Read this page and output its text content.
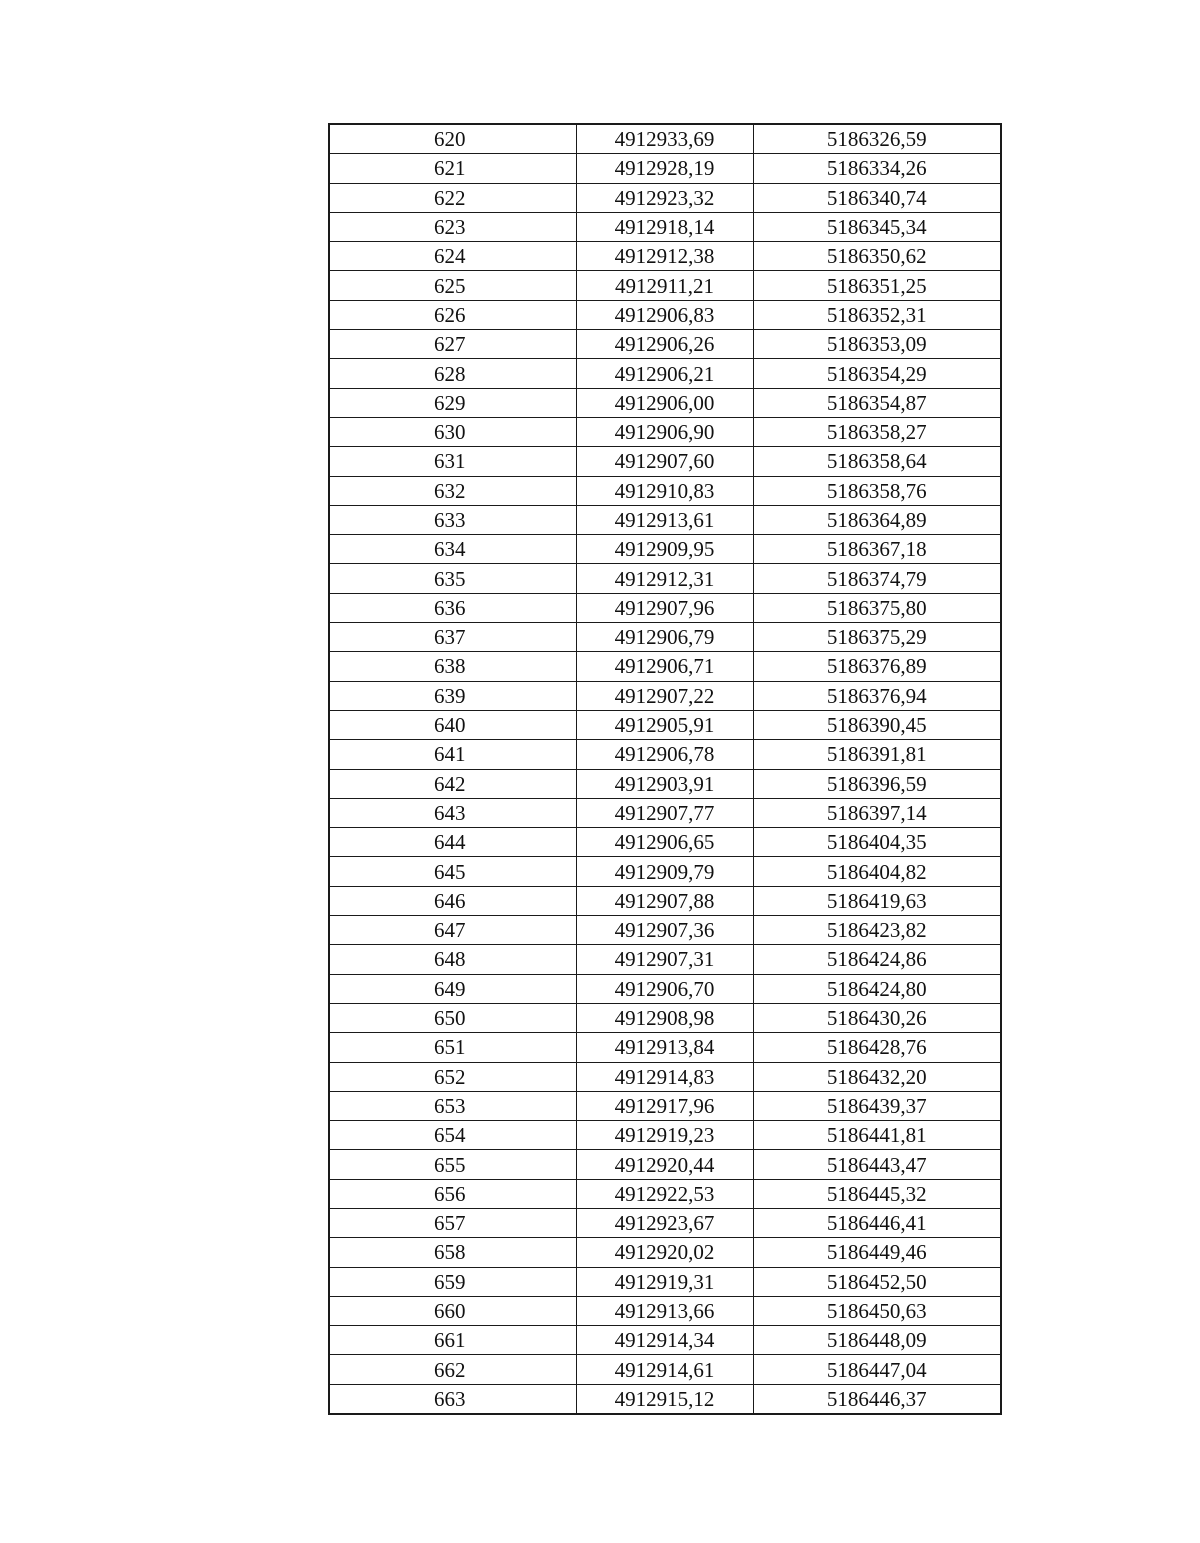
620	4912933,69	5186326,59
621	4912928,19	5186334,26
622	4912923,32	5186340,74
623	4912918,14	5186345,34
624	4912912,38	5186350,62
625	4912911,21	5186351,25
626	4912906,83	5186352,31
627	4912906,26	5186353,09
628	4912906,21	5186354,29
629	4912906,00	5186354,87
630	4912906,90	5186358,27
631	4912907,60	5186358,64
632	4912910,83	5186358,76
633	4912913,61	5186364,89
634	4912909,95	5186367,18
635	4912912,31	5186374,79
636	4912907,96	5186375,80
637	4912906,79	5186375,29
638	4912906,71	5186376,89
639	4912907,22	5186376,94
640	4912905,91	5186390,45
641	4912906,78	5186391,81
642	4912903,91	5186396,59
643	4912907,77	5186397,14
644	4912906,65	5186404,35
645	4912909,79	5186404,82
646	4912907,88	5186419,63
647	4912907,36	5186423,82
648	4912907,31	5186424,86
649	4912906,70	5186424,80
650	4912908,98	5186430,26
651	4912913,84	5186428,76
652	4912914,83	5186432,20
653	4912917,96	5186439,37
654	4912919,23	5186441,81
655	4912920,44	5186443,47
656	4912922,53	5186445,32
657	4912923,67	5186446,41
658	4912920,02	5186449,46
659	4912919,31	5186452,50
660	4912913,66	5186450,63
661	4912914,34	5186448,09
662	4912914,61	5186447,04
663	4912915,12	5186446,37
